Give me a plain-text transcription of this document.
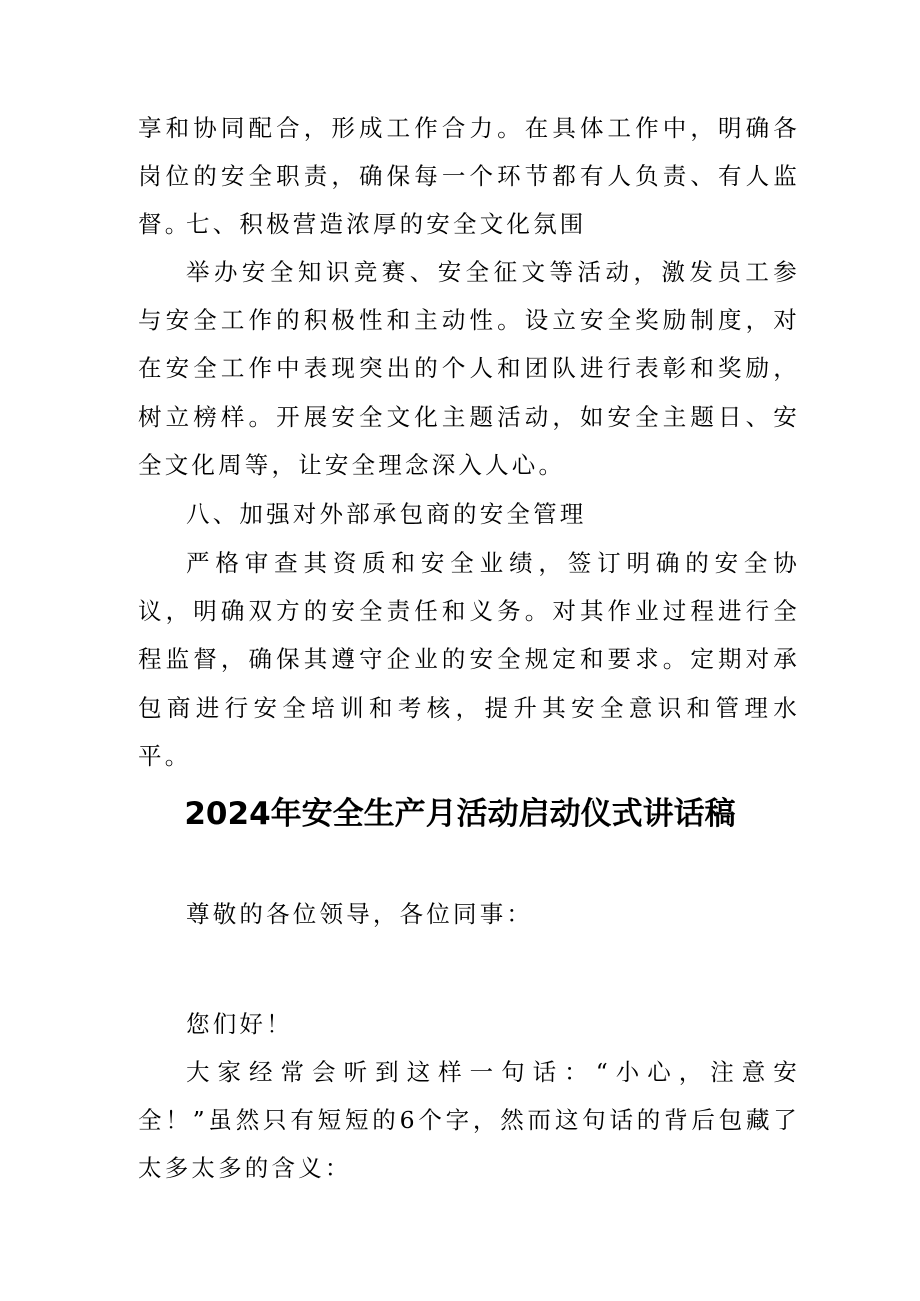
享和协同配合，形成工作合力。在具体工作中，明确各岗位的安全职责，确保每一个环节都有人负责、有人监督。

七、积极营造浓厚的安全文化氛围

举办安全知识竞赛、安全征文等活动，激发员工参与安全工作的积极性和主动性。设立安全奖励制度，对在安全工作中表现突出的个人和团队进行表彰和奖励，树立榜样。开展安全文化主题活动，如安全主题日、安全文化周等，让安全理念深入人心。

八、加强对外部承包商的安全管理

严格审查其资质和安全业绩，签订明确的安全协议，明确双方的安全责任和义务。对其作业过程进行全程监督，确保其遵守企业的安全规定和要求。定期对承包商进行安全培训和考核，提升其安全意识和管理水平。

2024年安全生产月活动启动仪式讲话稿

尊敬的各位领导，各位同事：

您们好！

大家经常会听到这样一句话：“小心，注意安全！”虽然只有短短的6个字，然而这句话的背后包藏了太多太多的含义：
